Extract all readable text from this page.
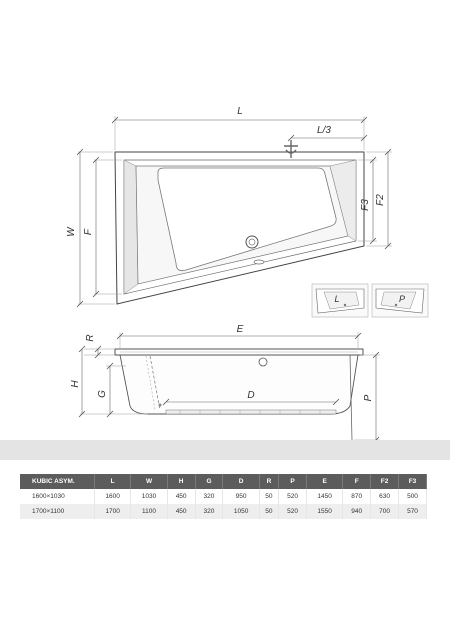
L
L/3
W F
F3 F2
L	P
E
R
H
G	D	P
KUBIC ASYM.	L	W	H	G	D	R	P	E	F	F2	F3
1600×1030	1600	1030	450	320	950	50	520	1450	870	630	500
1700×1100	1700	1100	450	320	1050	50	520	1550	940	700	570
